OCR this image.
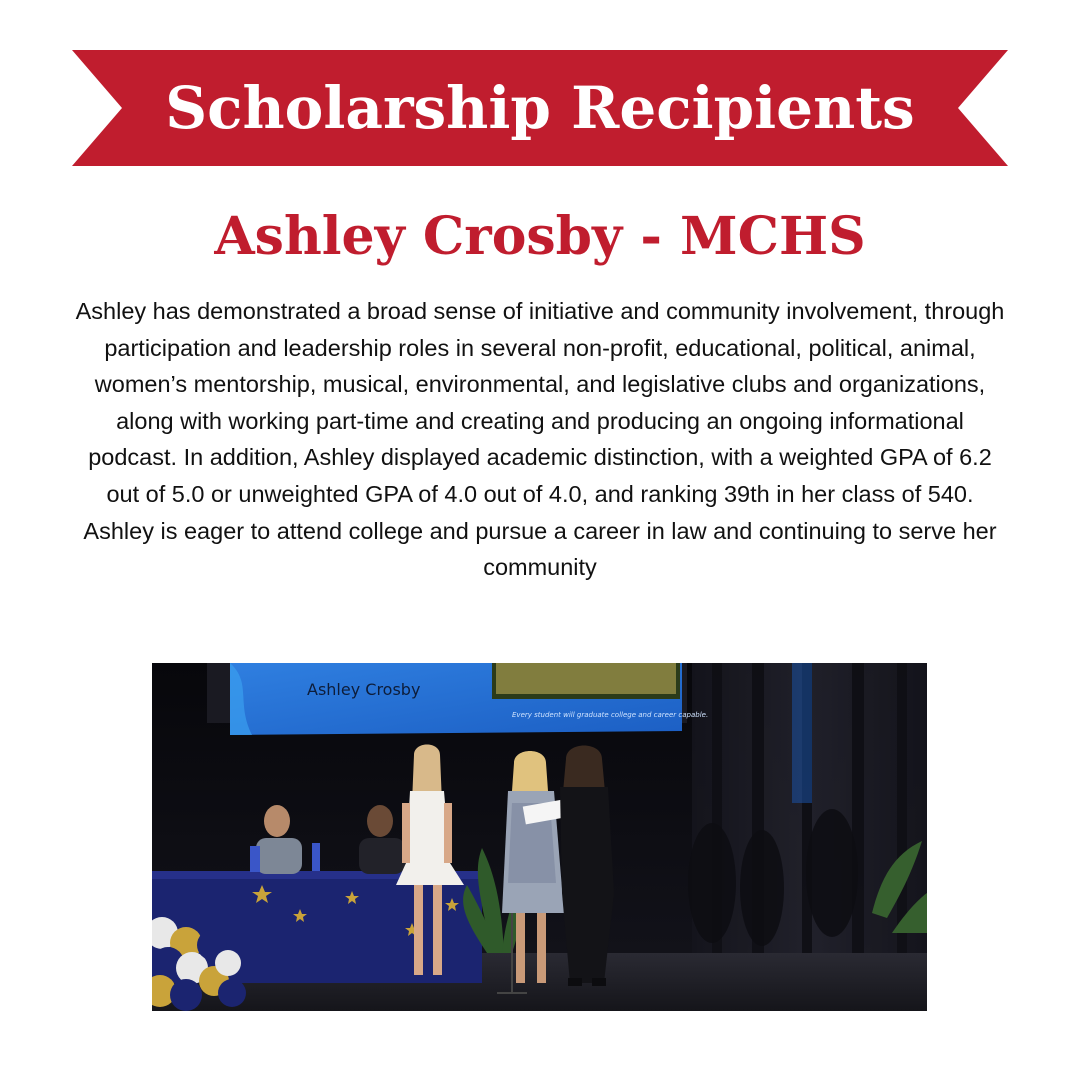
Scholarship Recipients
Ashley Crosby - MCHS

Ashley has demonstrated a broad sense of initiative and community involvement, through participation and leadership roles in several non-profit, educational, political, animal, women’s mentorship, musical, environmental, and legislative clubs and organizations, along with working part-time and creating and producing an ongoing informational podcast. In addition, Ashley displayed academic distinction, with a weighted GPA of 6.2 out of 5.0 or unweighted GPA of 4.0 out of 4.0, and ranking 39th in her class of 540. Ashley is eager to attend college and pursue a career in law and continuing to serve her community

Ashley Crosby
Every student will graduate college and career capable.
